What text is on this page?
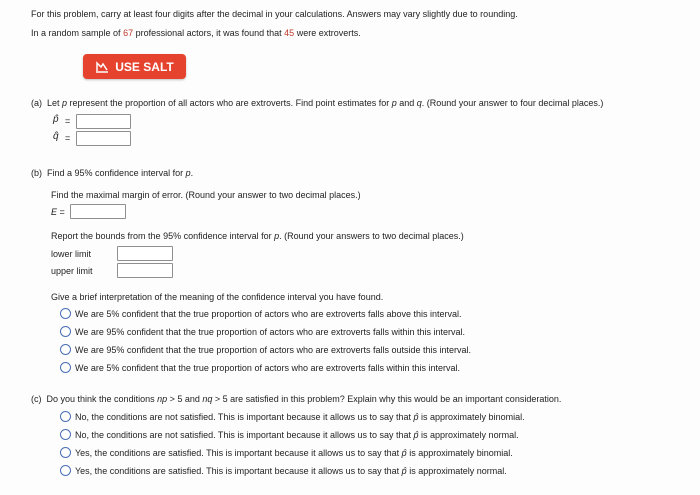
For this problem, carry at least four digits after the decimal in your calculations. Answers may vary slightly due to rounding.
In a random sample of 67 professional actors, it was found that 45 were extroverts.
USE SALT
(a) Let p represent the proportion of all actors who are extroverts. Find point estimates for p and q. (Round your answer to four decimal places.)
p̂ =
q̂ =
(b) Find a 95% confidence interval for p.
Find the maximal margin of error. (Round your answer to two decimal places.)
E =
Report the bounds from the 95% confidence interval for p. (Round your answers to two decimal places.)
lower limit
upper limit
Give a brief interpretation of the meaning of the confidence interval you have found.
We are 5% confident that the true proportion of actors who are extroverts falls above this interval.
We are 95% confident that the true proportion of actors who are extroverts falls within this interval.
We are 95% confident that the true proportion of actors who are extroverts falls outside this interval.
We are 5% confident that the true proportion of actors who are extroverts falls within this interval.
(c) Do you think the conditions np > 5 and nq > 5 are satisfied in this problem? Explain why this would be an important consideration.
No, the conditions are not satisfied. This is important because it allows us to say that p̂ is approximately binomial.
No, the conditions are not satisfied. This is important because it allows us to say that p̂ is approximately normal.
Yes, the conditions are satisfied. This is important because it allows us to say that p̂ is approximately binomial.
Yes, the conditions are satisfied. This is important because it allows us to say that p̂ is approximately normal.
